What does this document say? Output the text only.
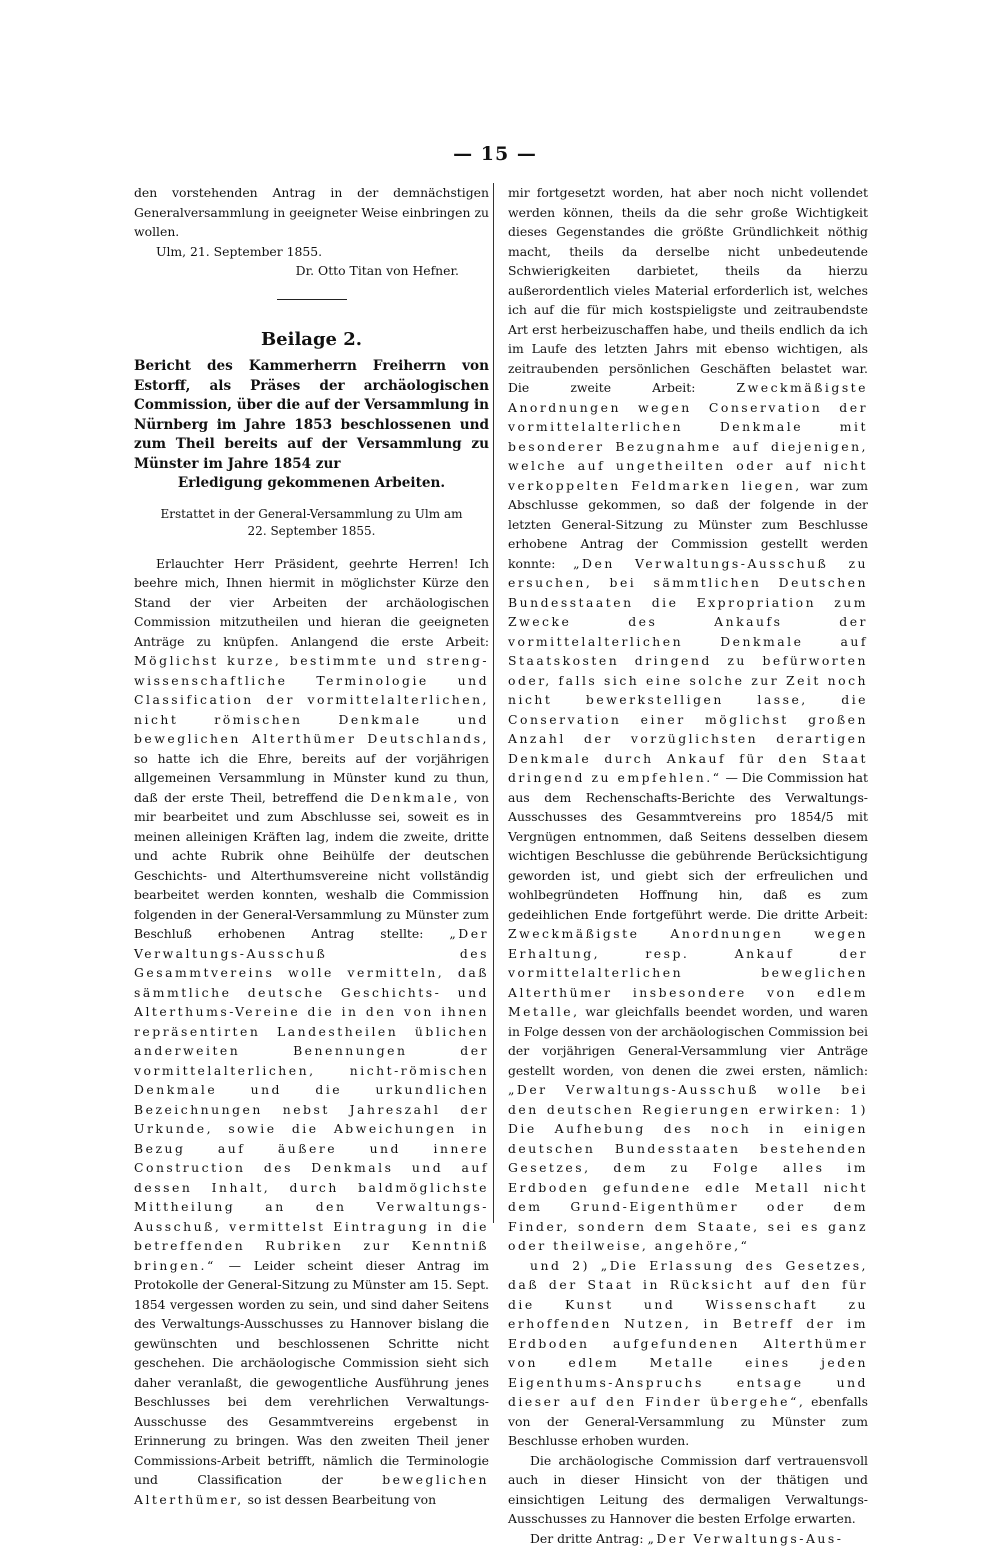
— 15 —

den vorstehenden Antrag in der demnächstigen Generalversammlung in geeigneter Weise einbringen zu wollen.

Ulm, 21. September 1855.

Dr. Otto Titan von Hefner.

Beilage 2.
Bericht des Kammerherrn Freiherrn von Estorff, als Präses der archäologischen Commission, über die auf der Versammlung in Nürnberg im Jahre 1853 beschlossenen und zum Theil bereits auf der Versammlung zu Münster im Jahre 1854 zur
Erledigung gekommenen Arbeiten.
Erstattet in der General-Versammlung zu Ulm am 22. September 1855.

Erlauchter Herr Präsident, geehrte Herren! Ich beehre mich, Ihnen hiermit in möglichster Kürze den Stand der vier Arbeiten der archäologischen Commission mitzutheilen und hieran die geeigneten Anträge zu knüpfen. Anlangend die erste Arbeit: Möglichst kurze, bestimmte und streng-wissenschaftliche Terminologie und Classification der vormittelalterlichen, nicht römischen Denkmale und beweglichen Alterthümer Deutschlands, so hatte ich die Ehre, bereits auf der vorjährigen allgemeinen Versammlung in Münster kund zu thun, daß der erste Theil, betreffend die Denkmale, von mir bearbeitet und zum Abschlusse sei, soweit es in meinen alleinigen Kräften lag, indem die zweite, dritte und achte Rubrik ohne Beihülfe der deutschen Geschichts- und Alterthumsvereine nicht vollständig bearbeitet werden konnten, weshalb die Commission folgenden in der General-Versammlung zu Münster zum Beschluß erhobenen Antrag stellte: „Der Verwaltungs-Ausschuß des Gesammtvereins wolle vermitteln, daß sämmtliche deutsche Geschichts- und Alterthums-Vereine die in den von ihnen repräsentirten Landestheilen üblichen anderweiten Benennungen der vormittelalterlichen, nicht-römischen Denkmale und die urkundlichen Bezeichnungen nebst Jahreszahl der Urkunde, sowie die Abweichungen in Bezug auf äußere und innere Construction des Denkmals und auf dessen Inhalt, durch baldmöglichste Mittheilung an den Verwaltungs-Ausschuß, vermittelst Eintragung in die betreffenden Rubriken zur Kenntniß bringen.“ — Leider scheint dieser Antrag im Protokolle der General-Sitzung zu Münster am 15. Sept. 1854 vergessen worden zu sein, und sind daher Seitens des Verwaltungs-Ausschusses zu Hannover bislang die gewünschten und beschlossenen Schritte nicht geschehen. Die archäologische Commission sieht sich daher veranlaßt, die gewogentliche Ausführung jenes Beschlusses bei dem verehrlichen Verwaltungs-Ausschusse des Gesammtvereins ergebenst in Erinnerung zu bringen. Was den zweiten Theil jener Commissions-Arbeit betrifft, nämlich die Terminologie und Classification der beweglichen Alterthümer, so ist dessen Bearbeitung von

mir fortgesetzt worden, hat aber noch nicht vollendet werden können, theils da die sehr große Wichtigkeit dieses Gegenstandes die größte Gründlichkeit nöthig macht, theils da derselbe nicht unbedeutende Schwierigkeiten darbietet, theils da hierzu außerordentlich vieles Material erforderlich ist, welches ich auf die für mich kostspieligste und zeitraubendste Art erst herbeizuschaffen habe, und theils endlich da ich im Laufe des letzten Jahrs mit ebenso wichtigen, als zeitraubenden persönlichen Geschäften belastet war. Die zweite Arbeit: Zweckmäßigste Anordnungen wegen Conservation der vormittelalterlichen Denkmale mit besonderer Bezugnahme auf diejenigen, welche auf ungetheilten oder auf nicht verkoppelten Feldmarken liegen, war zum Abschlusse gekommen, so daß der folgende in der letzten General-Sitzung zu Münster zum Beschlusse erhobene Antrag der Commission gestellt werden konnte: „Den Verwaltungs-Ausschuß zu ersuchen, bei sämmtlichen Deutschen Bundesstaaten die Expropriation zum Zwecke des Ankaufs der vormittelalterlichen Denkmale auf Staatskosten dringend zu befürworten oder, falls sich eine solche zur Zeit noch nicht bewerkstelligen lasse, die Conservation einer möglichst großen Anzahl der vorzüglichsten derartigen Denkmale durch Ankauf für den Staat dringend zu empfehlen.“ — Die Commission hat aus dem Rechenschafts-Berichte des Verwaltungs-Ausschusses des Gesammtvereins pro 1854/5 mit Vergnügen entnommen, daß Seitens desselben diesem wichtigen Beschlusse die gebührende Berücksichtigung geworden ist, und giebt sich der erfreulichen und wohlbegründeten Hoffnung hin, daß es zum gedeihlichen Ende fortgeführt werde. Die dritte Arbeit: Zweckmäßigste Anordnungen wegen Erhaltung, resp. Ankauf der vormittelalterlichen beweglichen Alterthümer insbesondere von edlem Metalle, war gleichfalls beendet worden, und waren in Folge dessen von der archäologischen Commission bei der vorjährigen General-Versammlung vier Anträge gestellt worden, von denen die zwei ersten, nämlich: „Der Verwaltungs-Ausschuß wolle bei den deutschen Regierungen erwirken: 1) Die Aufhebung des noch in einigen deutschen Bundesstaaten bestehenden Gesetzes, dem zu Folge alles im Erdboden gefundene edle Metall nicht dem Grund-Eigenthümer oder dem Finder, sondern dem Staate, sei es ganz oder theilweise, angehöre,“

und 2) „Die Erlassung des Gesetzes, daß der Staat in Rücksicht auf den für die Kunst und Wissenschaft zu erhoffenden Nutzen, in Betreff der im Erdboden aufgefundenen Alterthümer von edlem Metalle eines jeden Eigenthums-Anspruchs entsage und dieser auf den Finder übergehe“, ebenfalls von der General-Versammlung zu Münster zum Beschlusse erhoben wurden.

Die archäologische Commission darf vertrauensvoll auch in dieser Hinsicht von der thätigen und einsichtigen Leitung des dermaligen Verwaltungs-Ausschusses zu Hannover die besten Erfolge erwarten.

Der dritte Antrag: „Der Verwaltungs-Aus-
